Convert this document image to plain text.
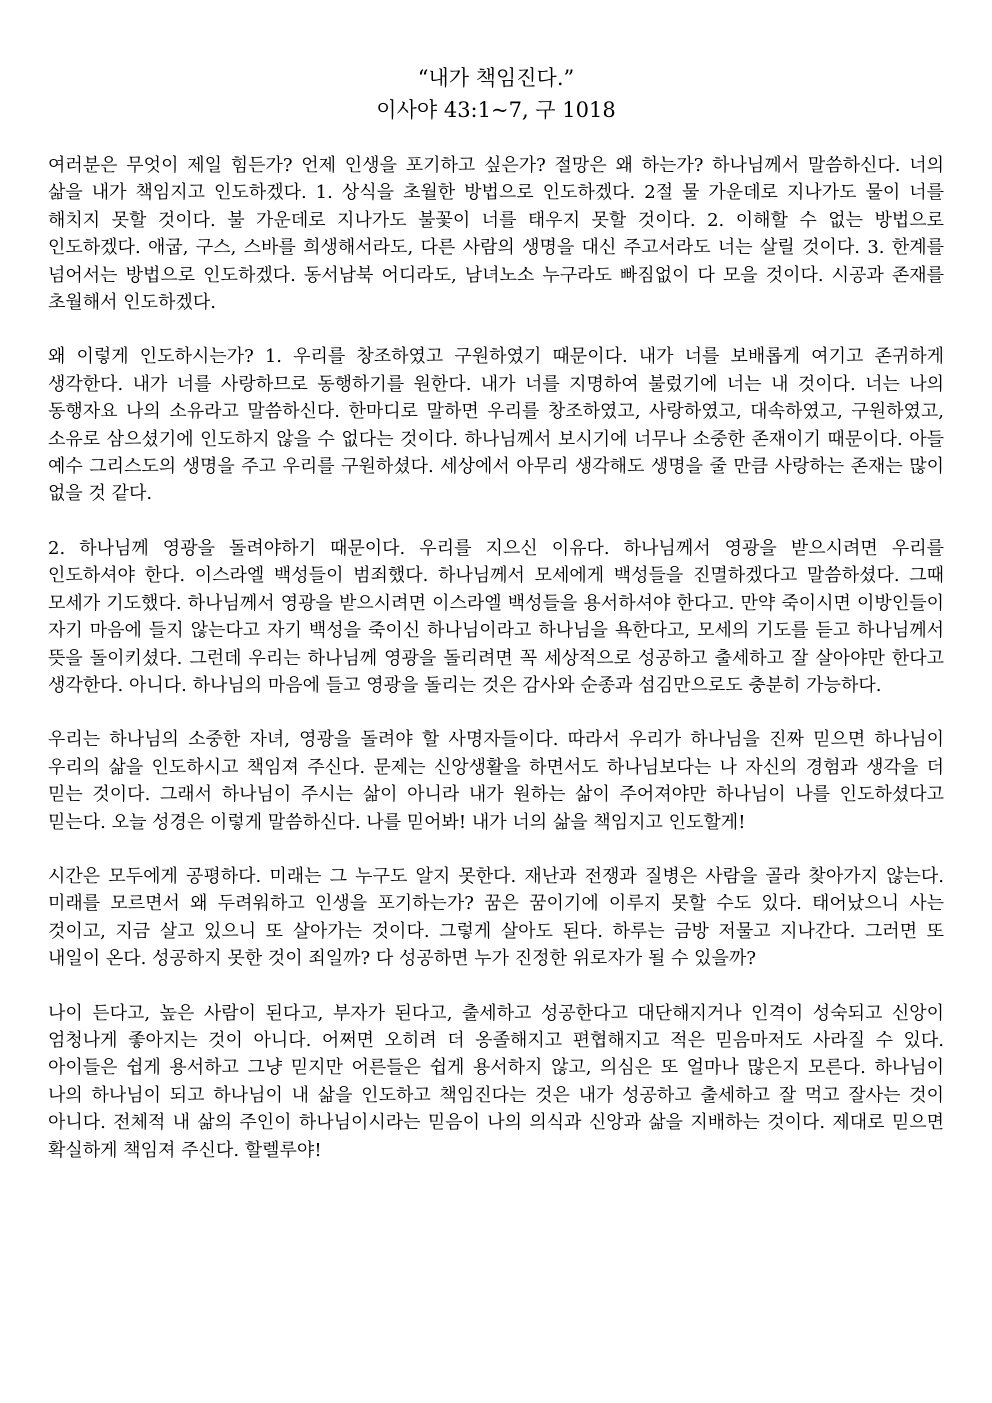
“내가 책임진다.”
이사야 43:1~7, 구 1018

여러분은 무엇이 제일 힘든가? 언제 인생을 포기하고 싶은가? 절망은 왜 하는가? 하나님께서 말씀하신다. 너의 삶을 내가 책임지고 인도하겠다. 1. 상식을 초월한 방법으로 인도하겠다. 2절 물 가운데로 지나가도 물이 너를 해치지 못할 것이다. 불 가운데로 지나가도 불꽃이 너를 태우지 못할 것이다. 2. 이해할 수 없는 방법으로 인도하겠다. 애굽, 구스, 스바를 희생해서라도, 다른 사람의 생명을 대신 주고서라도 너는 살릴 것이다. 3. 한계를 넘어서는 방법으로 인도하겠다. 동서남북 어디라도, 남녀노소 누구라도 빠짐없이 다 모을 것이다. 시공과 존재를 초월해서 인도하겠다.

왜 이렇게 인도하시는가? 1. 우리를 창조하였고 구원하였기 때문이다. 내가 너를 보배롭게 여기고 존귀하게 생각한다. 내가 너를 사랑하므로 동행하기를 원한다. 내가 너를 지명하여 불렀기에 너는 내 것이다. 너는 나의 동행자요 나의 소유라고 말씀하신다. 한마디로 말하면 우리를 창조하였고, 사랑하였고, 대속하였고, 구원하였고, 소유로 삼으셨기에 인도하지 않을 수 없다는 것이다. 하나님께서 보시기에 너무나 소중한 존재이기 때문이다. 아들 예수 그리스도의 생명을 주고 우리를 구원하셨다. 세상에서 아무리 생각해도 생명을 줄 만큼 사랑하는 존재는 많이 없을 것 같다.

2. 하나님께 영광을 돌려야하기 때문이다. 우리를 지으신 이유다. 하나님께서 영광을 받으시려면 우리를 인도하셔야 한다. 이스라엘 백성들이 범죄했다. 하나님께서 모세에게 백성들을 진멸하겠다고 말씀하셨다. 그때 모세가 기도했다. 하나님께서 영광을 받으시려면 이스라엘 백성들을 용서하셔야 한다고. 만약 죽이시면 이방인들이 자기 마음에 들지 않는다고 자기 백성을 죽이신 하나님이라고 하나님을 욕한다고, 모세의 기도를 듣고 하나님께서 뜻을 돌이키셨다. 그런데 우리는 하나님께 영광을 돌리려면 꼭 세상적으로 성공하고 출세하고 잘 살아야만 한다고 생각한다. 아니다. 하나님의 마음에 들고 영광을 돌리는 것은 감사와 순종과 섬김만으로도 충분히 가능하다.

우리는 하나님의 소중한 자녀, 영광을 돌려야 할 사명자들이다. 따라서 우리가 하나님을 진짜 믿으면 하나님이 우리의 삶을 인도하시고 책임져 주신다. 문제는 신앙생활을 하면서도 하나님보다는 나 자신의 경험과 생각을 더 믿는 것이다. 그래서 하나님이 주시는 삶이 아니라 내가 원하는 삶이 주어져야만 하나님이 나를 인도하셨다고 믿는다. 오늘 성경은 이렇게 말씀하신다. 나를 믿어봐! 내가 너의 삶을 책임지고 인도할게!

시간은 모두에게 공평하다. 미래는 그 누구도 알지 못한다. 재난과 전쟁과 질병은 사람을 골라 찾아가지 않는다. 미래를 모르면서 왜 두려워하고 인생을 포기하는가? 꿈은 꿈이기에 이루지 못할 수도 있다. 태어났으니 사는 것이고, 지금 살고 있으니 또 살아가는 것이다. 그렇게 살아도 된다. 하루는 금방 저물고 지나간다. 그러면 또 내일이 온다. 성공하지 못한 것이 죄일까? 다 성공하면 누가 진정한 위로자가 될 수 있을까?

나이 든다고, 높은 사람이 된다고, 부자가 된다고, 출세하고 성공한다고 대단해지거나 인격이 성숙되고 신앙이 엄청나게 좋아지는 것이 아니다. 어쩌면 오히려 더 옹졸해지고 편협해지고 적은 믿음마저도 사라질 수 있다. 아이들은 쉽게 용서하고 그냥 믿지만 어른들은 쉽게 용서하지 않고, 의심은 또 얼마나 많은지 모른다. 하나님이 나의 하나님이 되고 하나님이 내 삶을 인도하고 책임진다는 것은 내가 성공하고 출세하고 잘 먹고 잘사는 것이 아니다. 전체적 내 삶의 주인이 하나님이시라는 믿음이 나의 의식과 신앙과 삶을 지배하는 것이다. 제대로 믿으면 확실하게 책임져 주신다. 할렐루야!
